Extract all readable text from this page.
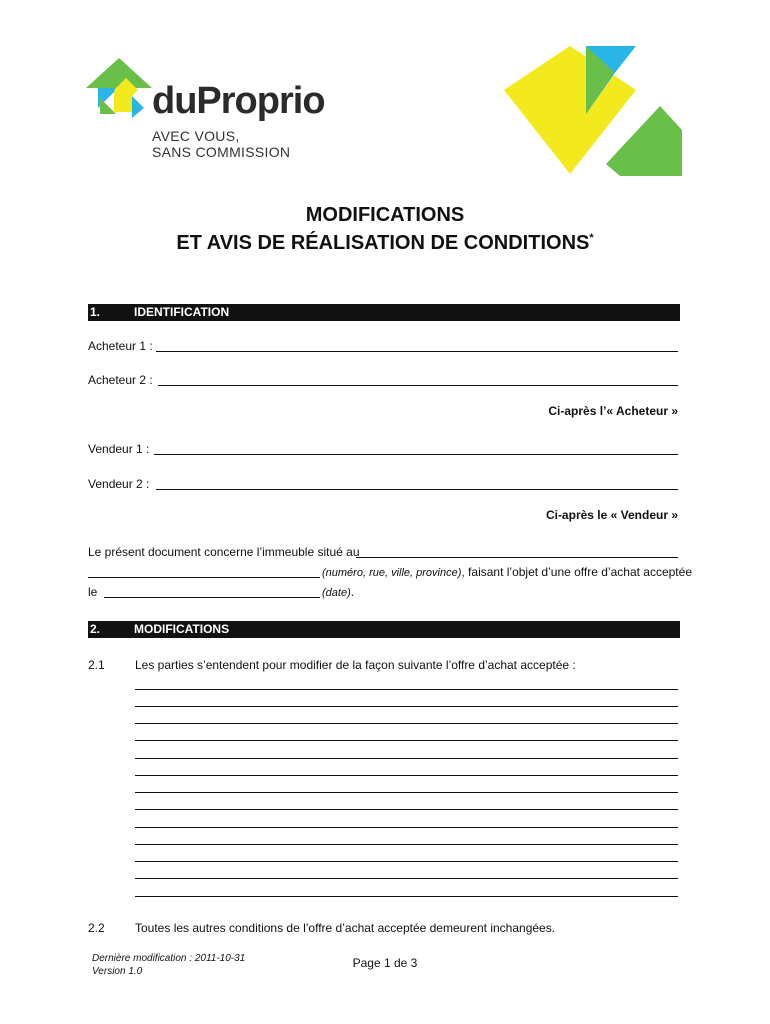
duProprio
AVEC VOUS,
SANS COMMISSION
MODIFICATIONS
ET AVIS DE RÉALISATION DE CONDITIONS*
1.	IDENTIFICATION
Acheteur 1 :
Acheteur 2 :
Ci-après l’« Acheteur »
Vendeur 1 :
Vendeur 2 :
Ci-après le « Vendeur »
Le présent document concerne l’immeuble situé au
(numéro, rue, ville, province), faisant l’objet d’une offre d’achat acceptée
le	(date).
2.	MODIFICATIONS
2.1	Les parties s’entendent pour modifier de la façon suivante l’offre d’achat acceptée :
2.2	Toutes les autres conditions de l’offre d’achat acceptée demeurent inchangées.
Dernière modification : 2011-10-31
Version 1.0
Page 1 de 3
